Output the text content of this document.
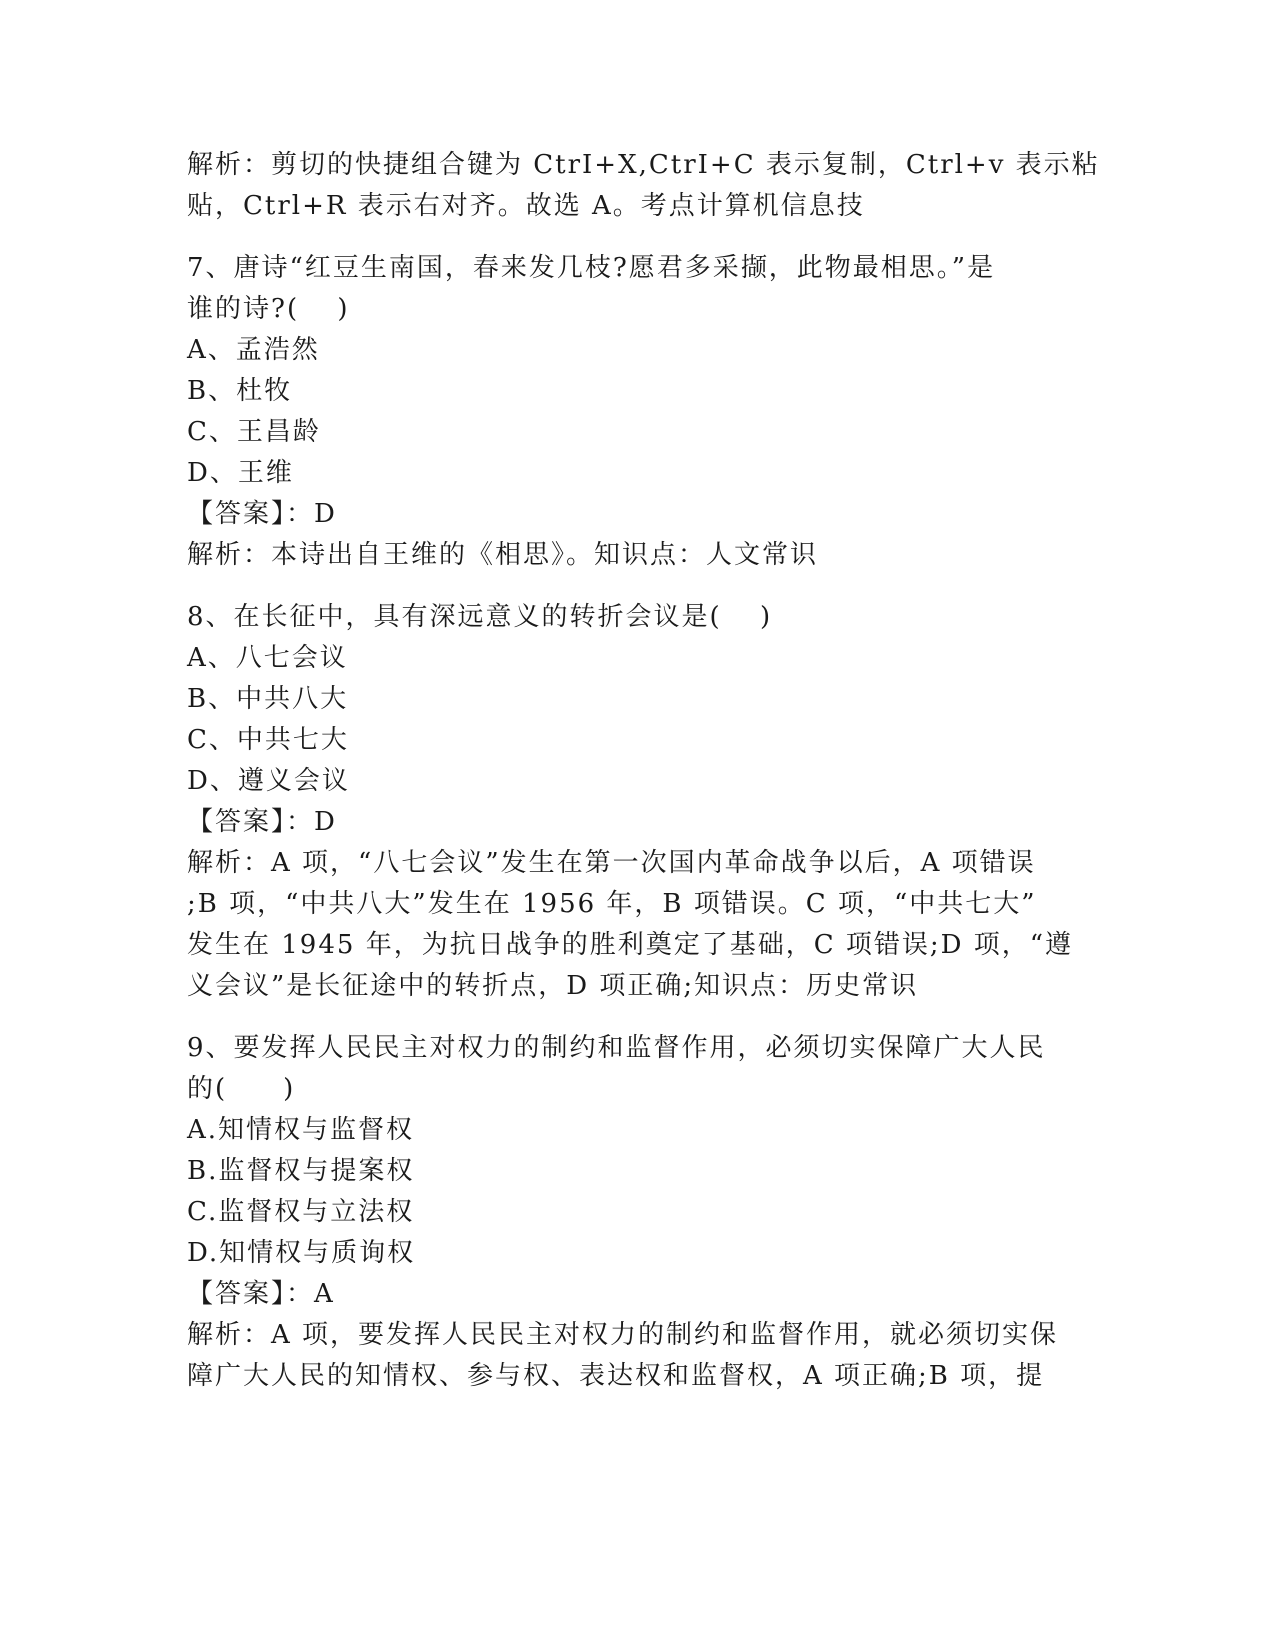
解析：剪切的快捷组合键为 CtrI+X,CtrI+C 表示复制，Ctrl+v 表示粘
贴，Ctrl+R 表示右对齐。故选 A。考点计算机信息技
7、唐诗“红豆生南国，春来发几枝?愿君多采撷，此物最相思。”是
谁的诗?(　 )
A、孟浩然
B、杜牧
C、王昌龄
D、王维
【答案】：D
解析：本诗出自王维的《相思》。知识点：人文常识
8、在长征中，具有深远意义的转折会议是(　 )
A、八七会议
B、中共八大
C、中共七大
D、遵义会议
【答案】：D
解析：A 项，“八七会议”发生在第一次国内革命战争以后，A 项错误
;B 项，“中共八大”发生在 1956 年，B 项错误。C 项，“中共七大”
发生在 1945 年，为抗日战争的胜利奠定了基础，C 项错误;D 项，“遵
义会议”是长征途中的转折点，D 项正确;知识点：历史常识
9、要发挥人民民主对权力的制约和监督作用，必须切实保障广大人民
的(　　)
A.知情权与监督权
B.监督权与提案权
C.监督权与立法权
D.知情权与质询权
【答案】：A
解析：A 项，要发挥人民民主对权力的制约和监督作用，就必须切实保
障广大人民的知情权、参与权、表达权和监督权，A 项正确;B 项，提
